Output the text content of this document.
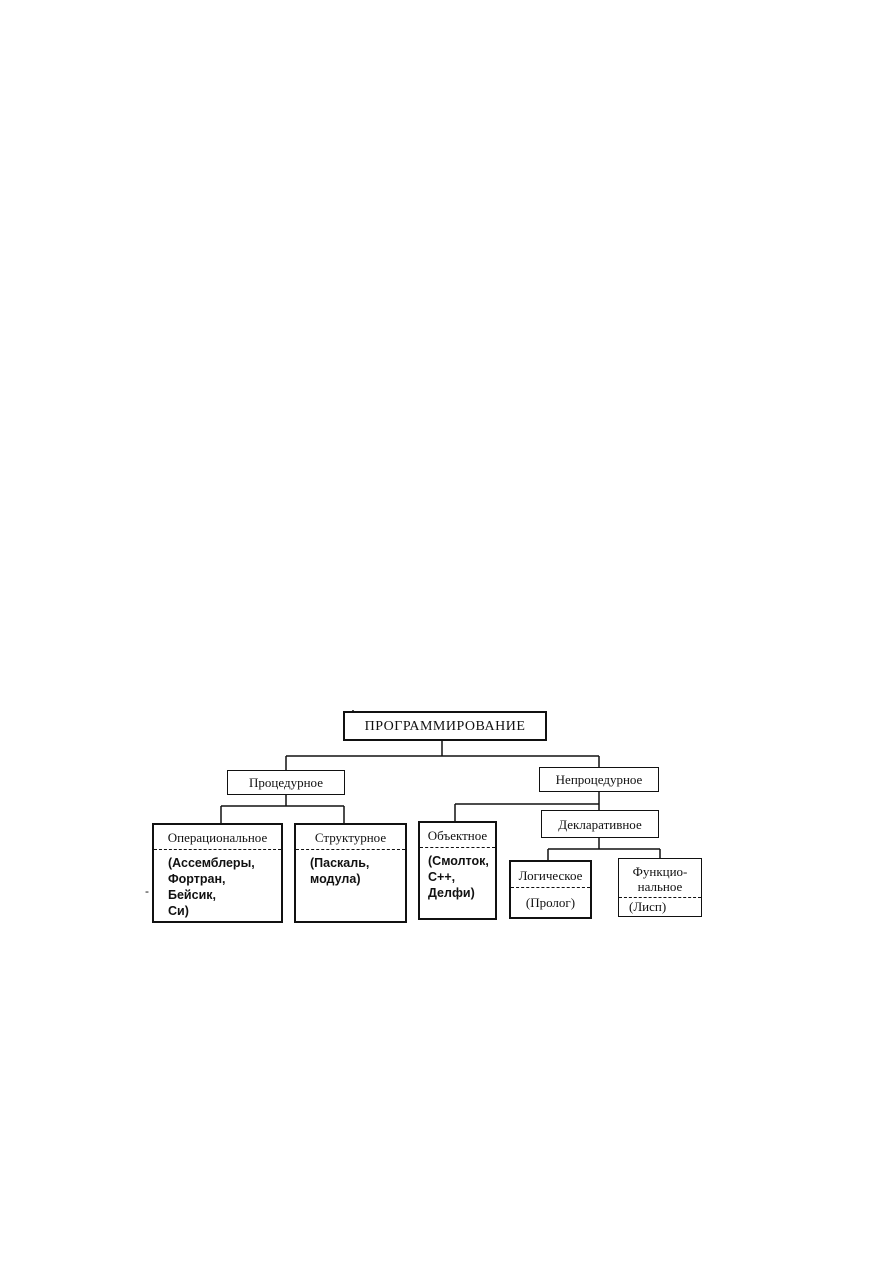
ПРОГРАММИРОВАНИЕ
Процедурное	Непроцедурное
Операциональное
(Ассемблеры,
Фортран,
Бейсик,
Си)
-
Структурное
(Паскаль,
модула)
Объектное
(Смолток,
С++,
Делфи)
Декларативное
Логическое
(Пролог)
Функцио-
нальное
(Лисп)
